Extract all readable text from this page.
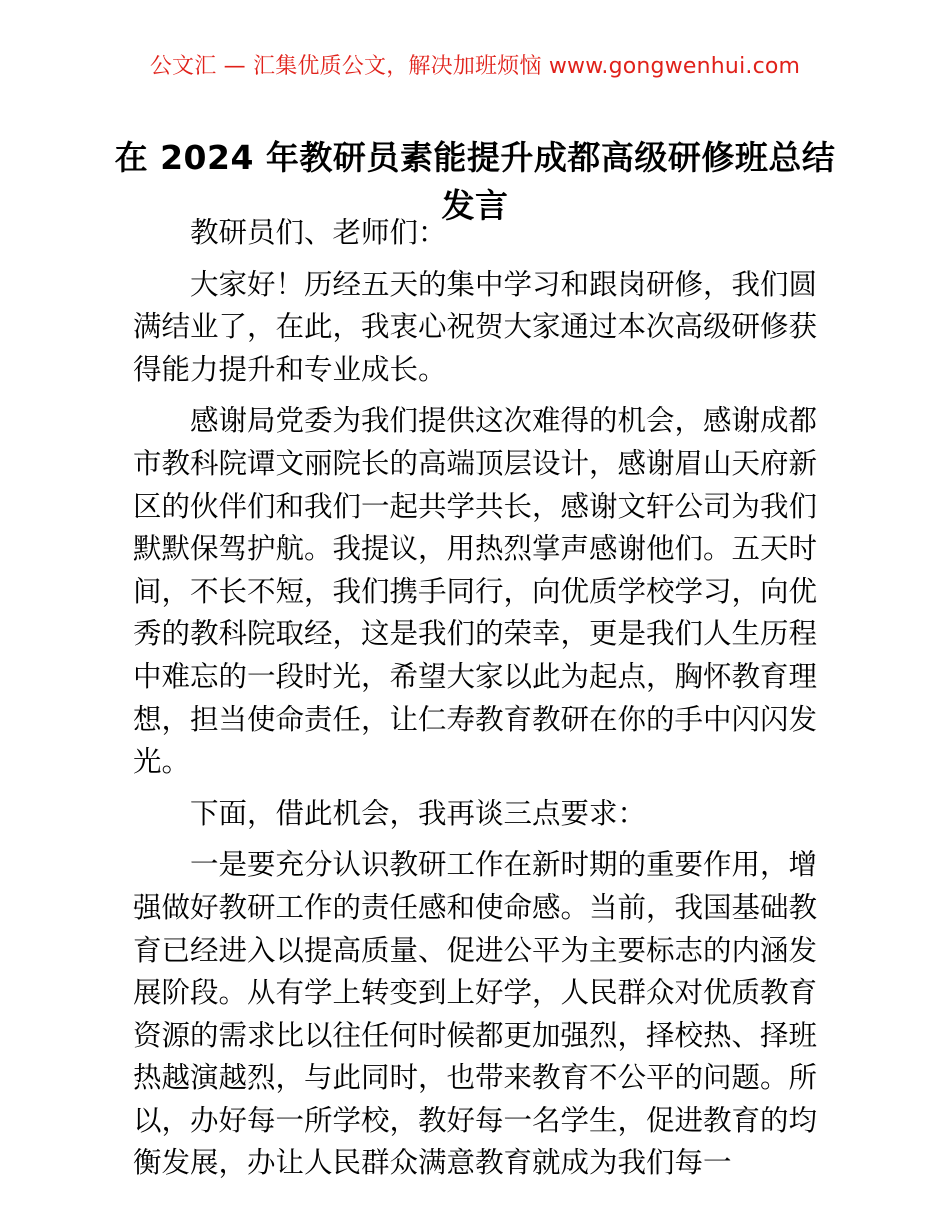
公文汇 — 汇集优质公文，解决加班烦恼 www.gongwenhui.com
在 2024 年教研员素能提升成都高级研修班总结发言

教研员们、老师们：

大家好！历经五天的集中学习和跟岗研修，我们圆满结业了，在此，我衷心祝贺大家通过本次高级研修获得能力提升和专业成长。

感谢局党委为我们提供这次难得的机会，感谢成都市教科院谭文丽院长的高端顶层设计，感谢眉山天府新区的伙伴们和我们一起共学共长，感谢文轩公司为我们默默保驾护航。我提议，用热烈掌声感谢他们。五天时间，不长不短，我们携手同行，向优质学校学习，向优秀的教科院取经，这是我们的荣幸，更是我们人生历程中难忘的一段时光，希望大家以此为起点，胸怀教育理想，担当使命责任，让仁寿教育教研在你的手中闪闪发光。

下面，借此机会，我再谈三点要求：

一是要充分认识教研工作在新时期的重要作用，增强做好教研工作的责任感和使命感。当前，我国基础教育已经进入以提高质量、促进公平为主要标志的内涵发展阶段。从有学上转变到上好学，人民群众对优质教育资源的需求比以往任何时候都更加强烈，择校热、择班热越演越烈，与此同时，也带来教育不公平的问题。所以，办好每一所学校，教好每一名学生，促进教育的均衡发展，办让人民群众满意教育就成为我们每一
